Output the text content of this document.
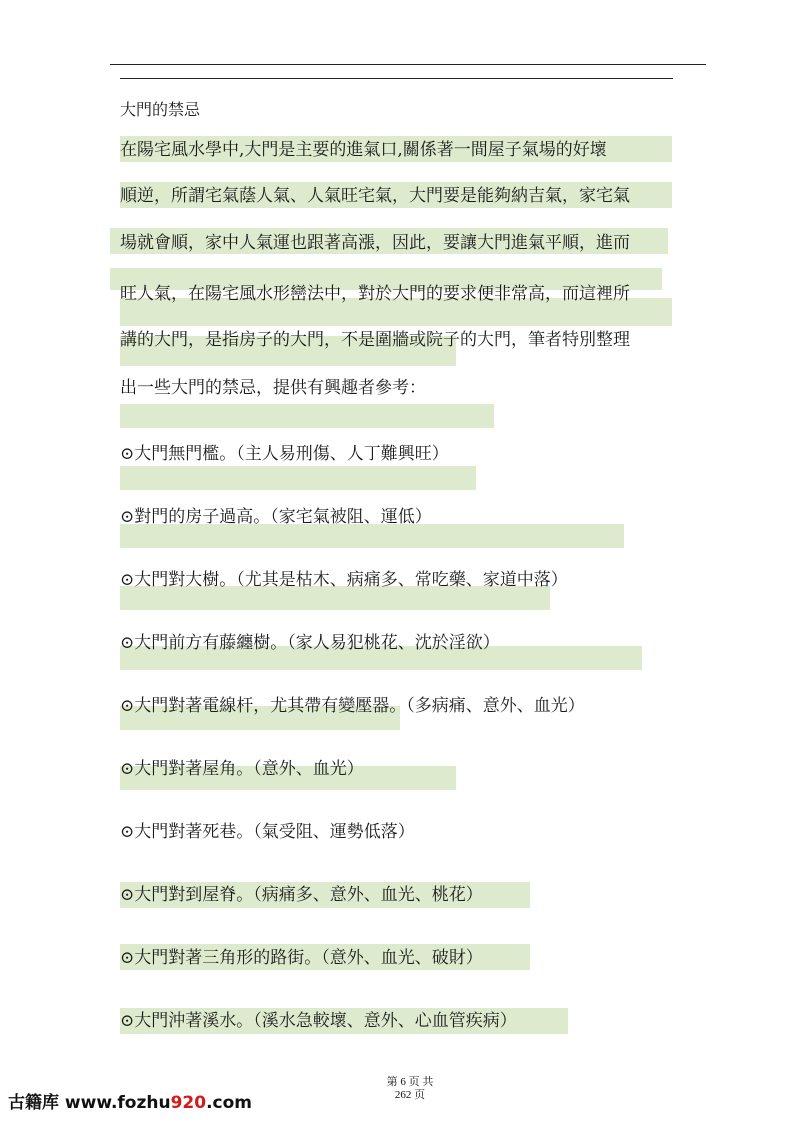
大門的禁忌
在陽宅風水學中,大門是主要的進氣口,關係著一間屋子氣場的好壞
順逆，所謂宅氣蔭人氣、人氣旺宅氣，大門要是能夠納吉氣，家宅氣
場就會順，家中人氣運也跟著高漲，因此，要讓大門進氣平順，進而
旺人氣，在陽宅風水形巒法中，對於大門的要求便非常高，而這裡所
講的大門，是指房子的大門，不是圍牆或院子的大門，筆者特別整理
出一些大門的禁忌，提供有興趣者參考：
⊙大門無門檻。（主人易刑傷、人丁難興旺）
⊙對門的房子過高。（家宅氣被阻、運低）
⊙大門對大樹。（尤其是枯木、病痛多、常吃藥、家道中落）
⊙大門前方有藤纏樹。（家人易犯桃花、沈於淫欲）
⊙大門對著電線杆，尤其帶有變壓器。（多病痛、意外、血光）
⊙大門對著屋角。（意外、血光）
⊙大門對著死巷。（氣受阻、運勢低落）
⊙大門對到屋脊。（病痛多、意外、血光、桃花）
⊙大門對著三角形的路街。（意外、血光、破財）
⊙大門沖著溪水。（溪水急較壞、意外、心血管疾病）
古籍库 www.fozhu920.com
第 6 页 共
262 页
